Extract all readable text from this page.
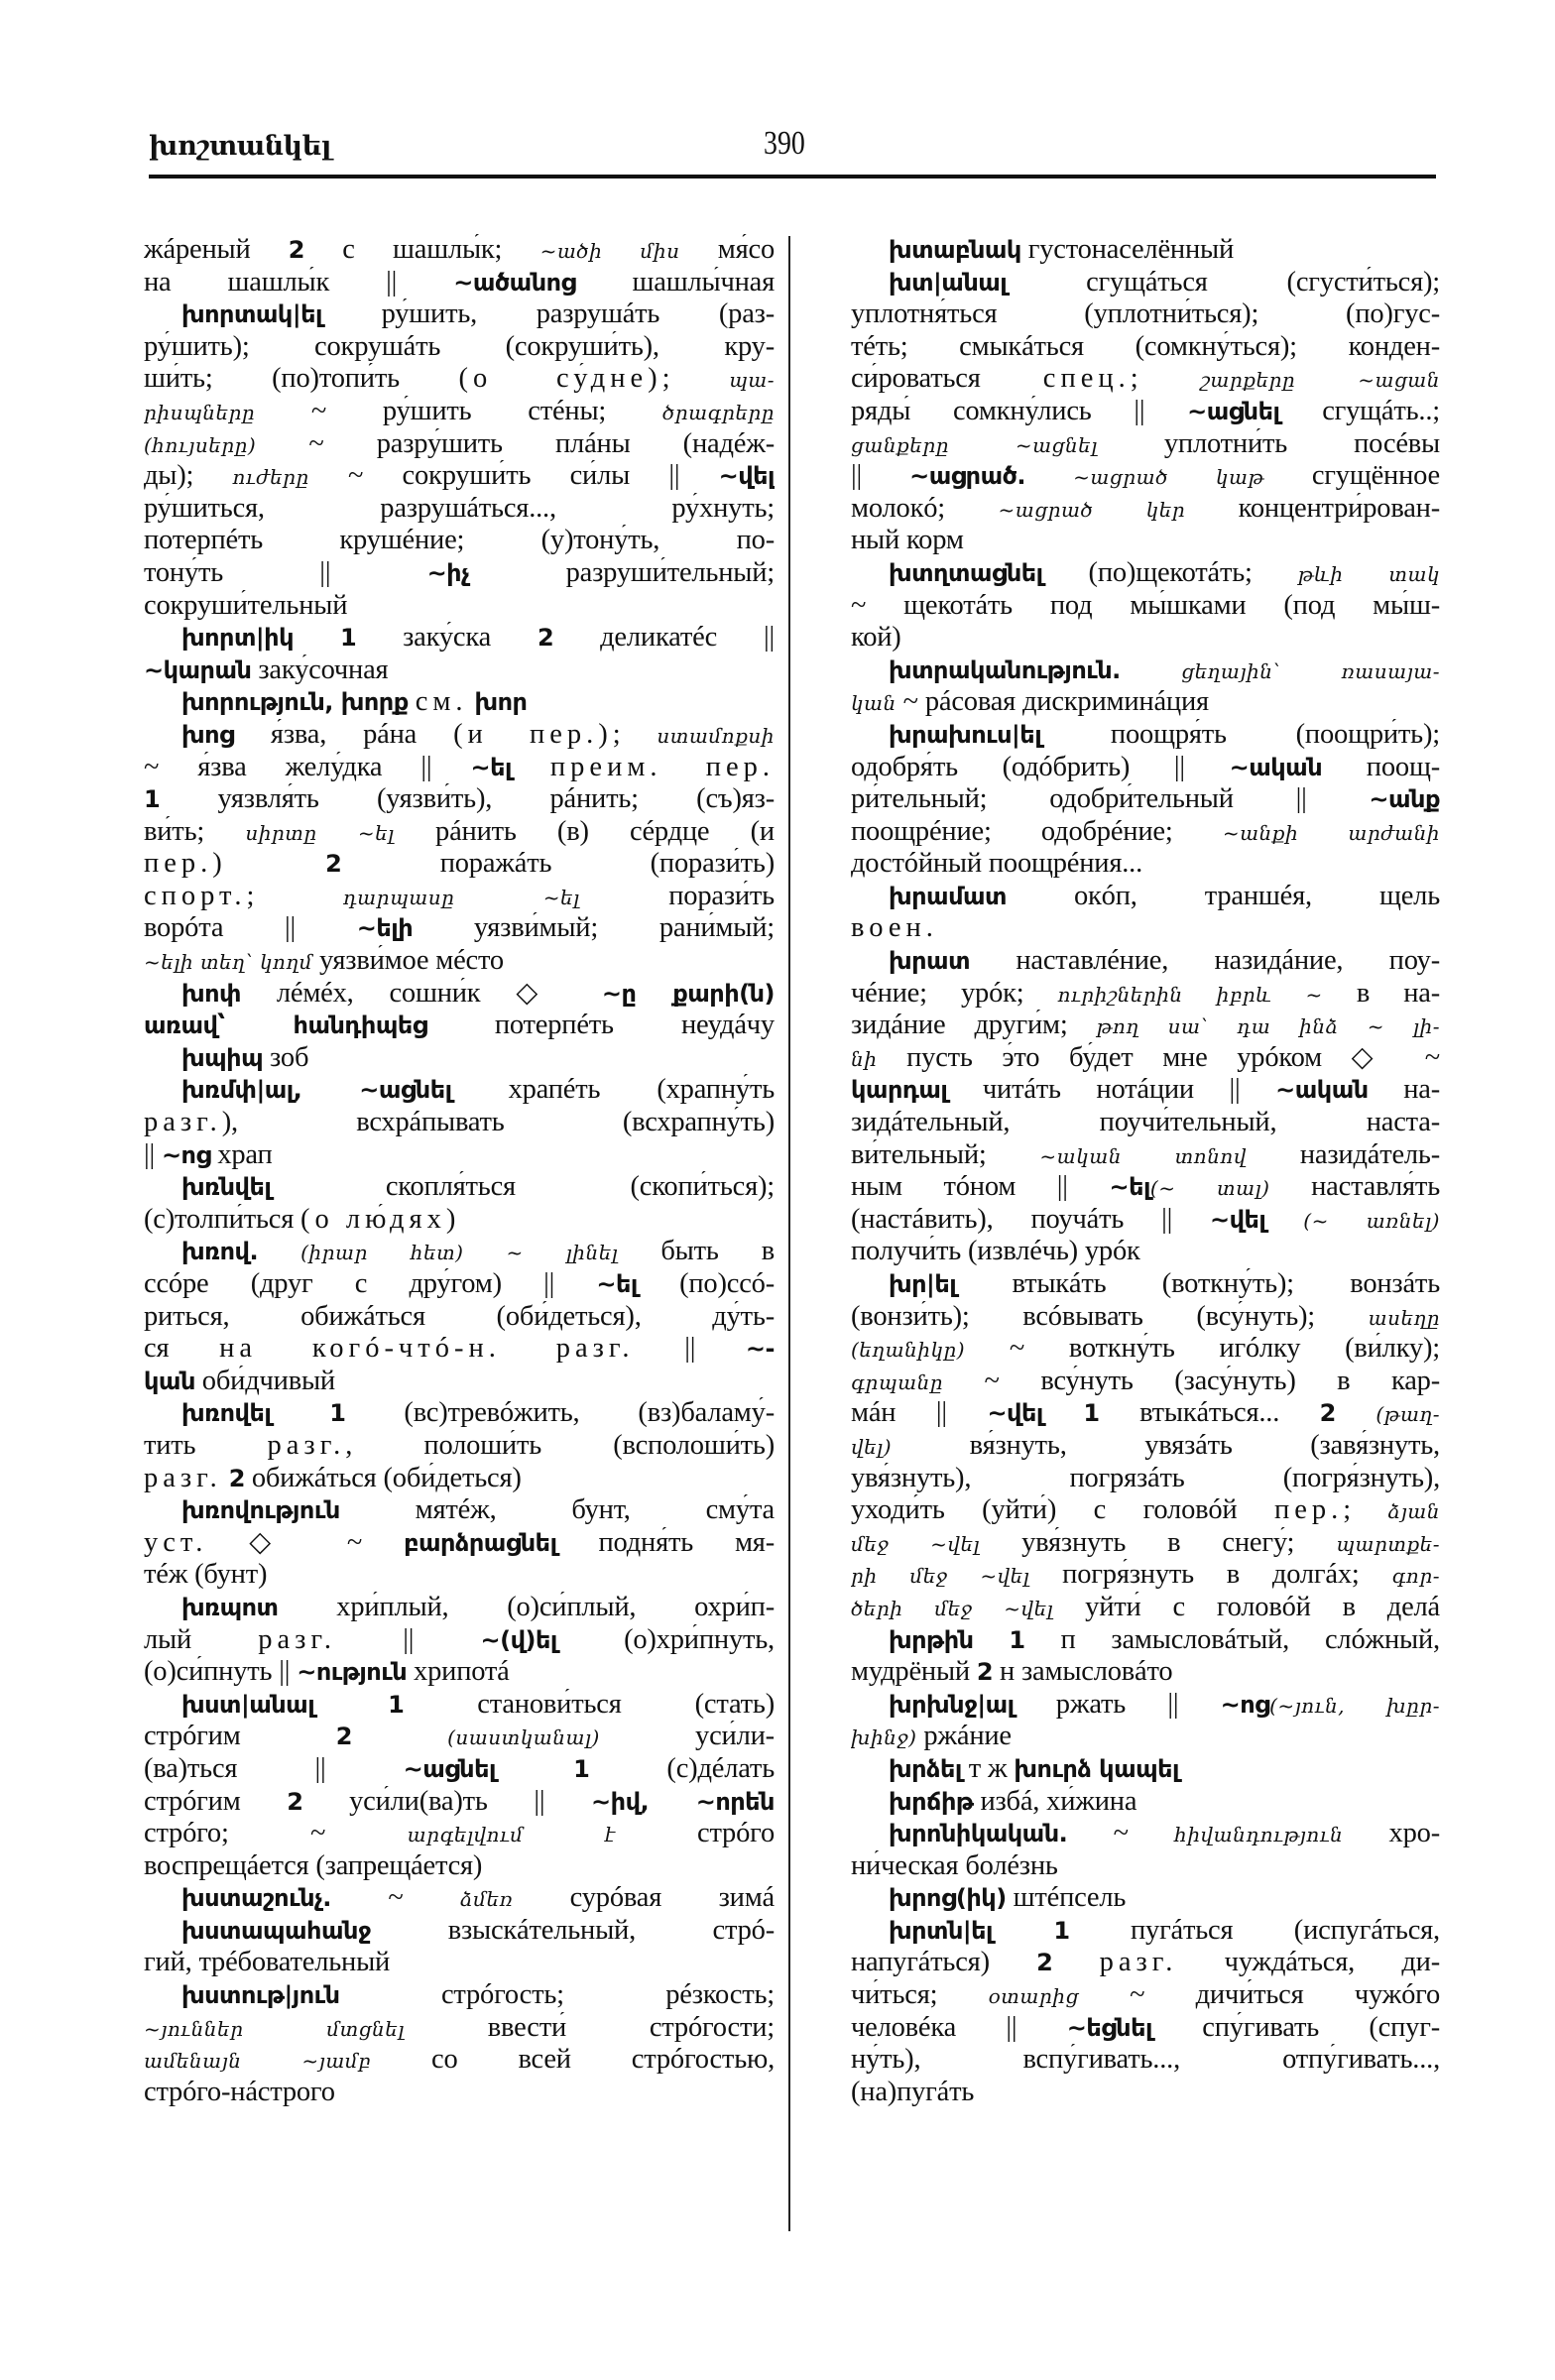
խոշտանկել	390
жáреный 2 с шашлы́к; ~ածի միս мя́со
на шашлы́к || ~ածանոց шашлы́чная
խորտակ|ել ру́шить, разрушáть (раз-
ру́шить); сокрушáть (сокруши́ть), кру-
ши́ть; (по)топи́ть (о су́дне); պա-
րիսպները ~ ру́шить стéны; ծրագրերը
(հույսերը) ~ разру́шить плáны (надéж-
ды); ուժերը ~ сокруши́ть си́лы || ~վել
ру́шиться, разрушáться..., ру́хнуть;
потерпéть крушéние; (у)тону́ть, по-
тону́ть || ~իչ разруши́тельный;
сокруши́тельный
խորտ|իկ 1 заку́ска 2 деликатéс ||
~կարան заку́сочная
խորություն, խորք см. խոր
խոց я́зва, рáна (и пер.); ստամոքսի
~ я́зва желу́дка || ~ել преим. пер.
1 уязвля́ть (уязви́ть), рáнить; (съ)яз-
ви́ть; սիրտը ~ել рáнить (в) сéрдце (и
пер.)	2 поражáть (порази́ть)
спорт.; դարպասը ~ել порази́ть
ворóта || ~ելի уязви́мый; рани́мый;
~ելի տեղ՝ կողմ уязви́мое мéсто
խոփ лéмéх, сошни́к ◇ ~ը քարի(ն)
առավ՝ հանդիպեց потерпéть неудáчу
խպիպ зоб
խռմփ|ալ, ~ացնել храпéть (храпну́ть
разг.), всхрáпывать (всхрапну́ть)
|| ~ոց храп
խռնվել скопля́ться (скопи́ться);
(с)толпи́ться (о лю́дях)
խռով. (իրար հետ) ~ լինել быть в
ссóре (друг с дру́гом) || ~ել (по)ссó-
риться, обижáться (оби́деться), ду́ть-
ся на когó-чтó-н. разг. || ~-
կան оби́дчивый
խռովել 1 (вс)тревóжить, (вз)баламу́-
тить разг., полоши́ть (всполоши́ть)
разг. 2 обижáться (оби́деться)
խռովություն мятéж, бунт, сму́та
уст. ◇ ~ բարձրացնել подня́ть мя-
тéж (бунт)
խռպոտ хри́плый, (о)си́плый, охри́п-
лый разг. || ~(վ)ել (о)хри́пнуть,
(о)си́пнуть || ~ություն хрипотá
խստ|անալ	1 станови́ться (стать)
стрóгим 2	(սաստկանալ) уси́ли-
(ва)ться || ~ացնել	1 (с)дéлать
стрóгим 2 уси́ли(ва)ть || ~իվ, ~որեն
стрóго; ~ արգելվում է стрóго
воспрещáется (запрещáется)
խստաշունչ. ~ ձմեռ сурóвая зимá
խստապահանջ взыскáтельный, стрó-
гий, трéбовательный
խստութ|յուն стрóгость; рéзкость;
~յուններ մտցնել ввести́ стрóгости;
ամենայն ~յամբ со всей стрóгостью,
стрóго-нáстрого
խտաբնակ густонаселённый
խտ|անալ сгущáться (сгусти́ться);
уплотня́ться (уплотни́ться); (по)гус-
тéть; смыкáться (сомкну́ться); конден-
си́роваться спец.; շարքերը ~ացան
ряды́ сомкну́лись || ~ացնել сгущáть..;
ցանքերը ~ացնել уплотни́ть посéвы
|| ~ացրած. ~ացրած կաթ сгущённое
молокó; ~ացրած կեր концентри́рован-
ный корм
խտղտացնել (по)щекотáть; թևի տակ
~ щекотáть под мы́шками (под мы́ш-
кой)
խտրականություն.	ցեղային՝ ռասայա-
կան ~ рáсовая дискриминáция
խրախուս|ել поощря́ть (поощри́ть);
одобря́ть (одóбрить) || ~ական поощ-
ри́тельный; одобри́тельный || ~անք
поощрéние; одобрéние; ~անքի արժանի
достóйный поощрéния...
խրամատ окóп, траншéя, щель
воен.
խրատ наставлéние, назидáние, поу-
чéние; урóк; ուրիշներին իբրև ~ в на-
зидáние други́м; թող սա՝ դա ինձ ~ լի-
նի пусть э́то бу́дет мне урóком ◇ ~
կարդալ читáть нотáции || ~ական на-
зидáтельный, поучи́тельный, наста-
ви́тельный; ~ական տոնով назидáтель-
ным тóном || ~ել(~ տալ) наставля́ть
(настáвить), поучáть || ~վել (~ առնել)
получи́ть (извлéчь) урóк
խր|ել втыкáть (воткну́ть); вонзáть
(вонзи́ть); всóвывать (всу́нуть); ասեղը
(եղանիկը) ~ воткну́ть игóлку (ви́лку);
գրպանը ~ всу́нуть (засу́нуть) в кар-
мáн || ~վել 1 втыкáться... 2 (թաղ-
վել) вя́знуть, увязáть (завя́знуть,
увя́знуть), погрязáть (погря́знуть),
уходи́ть (уйти́) с головóй пер.; ձյան
մեջ ~վել увя́знуть в снегу́; պարտքե-
րի մեջ ~վել погря́знуть в долгáх; գոր-
ծերի մեջ ~վել уйти́ с головóй в делá
խրթին 1 п замысловáтый, слóжный,
мудрёный 2 н замысловáто
խրխնջ|ալ ржать || ~ոց(~յուն, խըր-
խինջ) ржáние
խրձել т ж խուրձ կապել
խրճիթ избá, хи́жина
խրոնիկական. ~ հիվանդություն хро-
ни́ческая болéзнь
խրոց(իկ) штéпсель
խրտն|ել	1 пугáться (испугáться,
напугáться) 2 разг. чуждáться, ди-
чи́ться; օտարից ~ дичи́ться чужóго
человéка || ~եցնել спу́гивать (спуг-
ну́ть), вспу́гивать..., отпу́гивать...,
(на)пугáть
